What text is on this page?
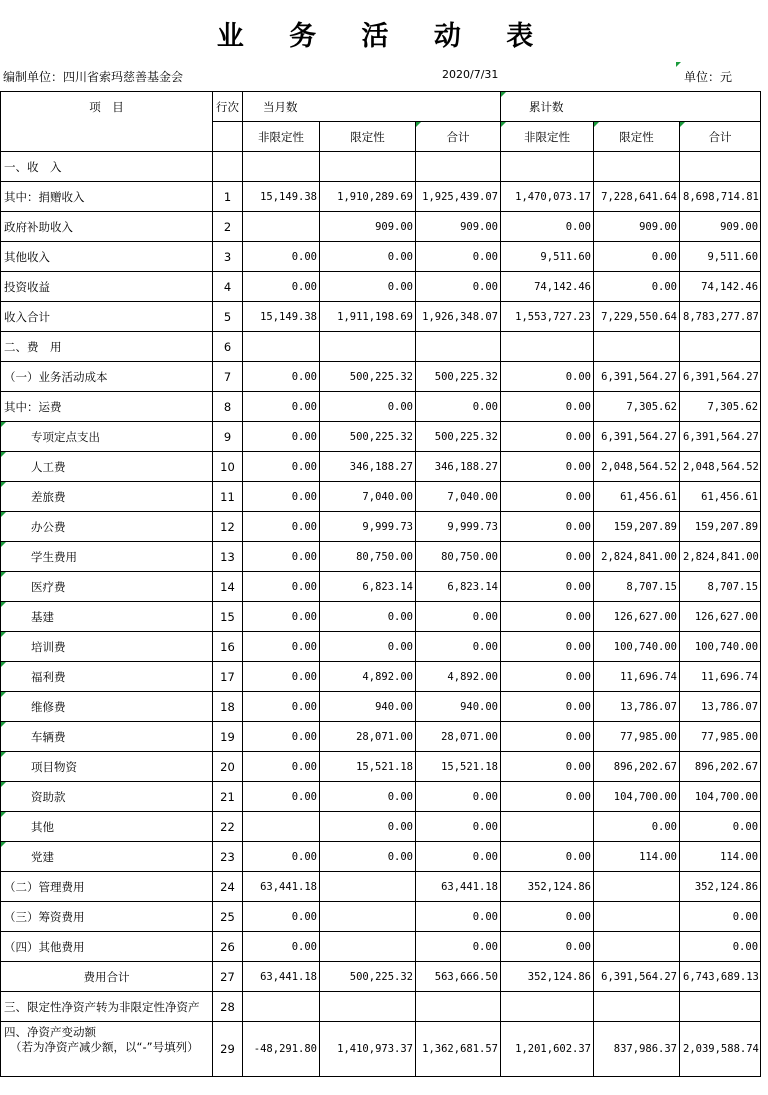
业 务 活 动 表
编制单位：四川省索玛慈善基金会	2020/7/31	单位：元
项　目	行次	当月数			累计数		
		非限定性	限定性	合计	非限定性	限定性	合计
一、收　入							
其中：捐赠收入	1	15,149.38	1,910,289.69	1,925,439.07	1,470,073.17	7,228,641.64	8,698,714.81
政府补助收入	2		909.00	909.00	0.00	909.00	909.00
其他收入	3	0.00	0.00	0.00	9,511.60	0.00	9,511.60
投资收益	4	0.00	0.00	0.00	74,142.46	0.00	74,142.46
收入合计	5	15,149.38	1,911,198.69	1,926,348.07	1,553,727.23	7,229,550.64	8,783,277.87
二、费　用	6						
（一）业务活动成本	7	0.00	500,225.32	500,225.32	0.00	6,391,564.27	6,391,564.27
其中：运费	8	0.00	0.00	0.00	0.00	7,305.62	7,305.62
专项定点支出	9	0.00	500,225.32	500,225.32	0.00	6,391,564.27	6,391,564.27
人工费	10	0.00	346,188.27	346,188.27	0.00	2,048,564.52	2,048,564.52
差旅费	11	0.00	7,040.00	7,040.00	0.00	61,456.61	61,456.61
办公费	12	0.00	9,999.73	9,999.73	0.00	159,207.89	159,207.89
学生费用	13	0.00	80,750.00	80,750.00	0.00	2,824,841.00	2,824,841.00
医疗费	14	0.00	6,823.14	6,823.14	0.00	8,707.15	8,707.15
基建	15	0.00	0.00	0.00	0.00	126,627.00	126,627.00
培训费	16	0.00	0.00	0.00	0.00	100,740.00	100,740.00
福利费	17	0.00	4,892.00	4,892.00	0.00	11,696.74	11,696.74
维修费	18	0.00	940.00	940.00	0.00	13,786.07	13,786.07
车辆费	19	0.00	28,071.00	28,071.00	0.00	77,985.00	77,985.00
项目物资	20	0.00	15,521.18	15,521.18	0.00	896,202.67	896,202.67
资助款	21	0.00	0.00	0.00	0.00	104,700.00	104,700.00
其他	22		0.00	0.00		0.00	0.00
党建	23	0.00	0.00	0.00	0.00	114.00	114.00
（二）管理费用	24	63,441.18		63,441.18	352,124.86		352,124.86
（三）筹资费用	25	0.00		0.00	0.00		0.00
（四）其他费用	26	0.00		0.00	0.00		0.00
费用合计	27	63,441.18	500,225.32	563,666.50	352,124.86	6,391,564.27	6,743,689.13
三、限定性净资产转为非限定性净资产	28						

四、净资产变动额
（若为净资产减少额，以“-”号填列）	29	-48,291.80	1,410,973.37	1,362,681.57	1,201,602.37	837,986.37	2,039,588.74
